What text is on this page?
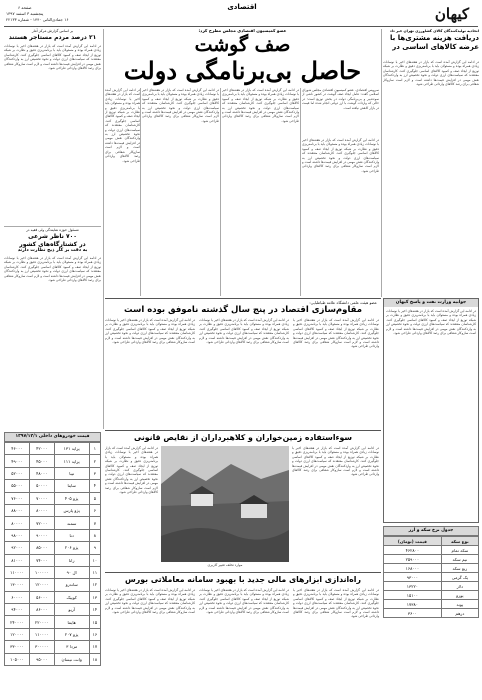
اقتصادی
صفحه ۶
پنجشنبه ۳ اسفند ۱۳۹۷
۱۶ جمادی‌الثانی ۱۴۴۰ - شماره ۲۲۱۳۳	کیهان
اتحادیه تولیدکنندگان کالای کشاورزی تهران خبر داد
دریافت هزینه مشتری‌ها با
عرضه کالاهای اساسی در
در ادامه این گزارش آمده است که بازار در هفته‌های اخیر با نوسانات زیادی همراه بوده و مسئولان باید با برنامه‌ریزی دقیق و نظارت بر شبکه توزیع از ایجاد صف و کمبود کالاهای اساسی جلوگیری کنند. کارشناسان معتقدند که سیاست‌های ارزی دولت و نحوه تخصیص ارز به واردکنندگان نقش مهمی در افزایش قیمت‌ها داشته است و لازم است سازوکار شفافی برای رصد کالاهای وارداتی طراحی شود.
عضو کمیسیون اقتصادی مجلس مطرح کرد:
صف گوشت
حاصل بی‌برنامگی دولت
سرویس اقتصادی- عضو کمیسیون اقتصادی مجلس شورای اسلامی گفت: عامل ایجاد صف گوشت در کشور ناشی از سوءتدبیر و بی‌برنامگی دولت در بخش توزیع است؛ در حالی که واردات گوشت با ارز دولتی انجام شده اما قیمت در بازار کاهش نیافته است.
در ادامه این گزارش آمده است که بازار در هفته‌های اخیر با نوسانات زیادی همراه بوده و مسئولان باید با برنامه‌ریزی دقیق و نظارت بر شبکه توزیع از ایجاد صف و کمبود کالاهای اساسی جلوگیری کنند. کارشناسان معتقدند که سیاست‌های ارزی دولت و نحوه تخصیص ارز به واردکنندگان نقش مهمی در افزایش قیمت‌ها داشته است و لازم است سازوکار شفافی برای رصد کالاهای وارداتی طراحی شود.
در ادامه این گزارش آمده است که بازار در هفته‌های اخیر با نوسانات زیادی همراه بوده و مسئولان باید با برنامه‌ریزی دقیق و نظارت بر شبکه توزیع از ایجاد صف و کمبود کالاهای اساسی جلوگیری کنند. کارشناسان معتقدند که سیاست‌های ارزی دولت و نحوه تخصیص ارز به واردکنندگان نقش مهمی در افزایش قیمت‌ها داشته است و لازم است سازوکار شفافی برای رصد کالاهای وارداتی طراحی شود.
در ادامه این گزارش آمده است که بازار در هفته‌های اخیر با نوسانات زیادی همراه بوده و مسئولان باید با برنامه‌ریزی دقیق و نظارت بر شبکه توزیع از ایجاد صف و کمبود کالاهای اساسی جلوگیری کنند. کارشناسان معتقدند که سیاست‌های ارزی دولت و نحوه تخصیص ارز به واردکنندگان نقش مهمی در افزایش قیمت‌ها داشته است و لازم است سازوکار شفافی برای رصد کالاهای وارداتی طراحی شود.
در ادامه این گزارش آمده است که بازار در هفته‌های اخیر با نوسانات زیادی همراه بوده و مسئولان باید با برنامه‌ریزی دقیق و نظارت بر شبکه توزیع از ایجاد صف و کمبود کالاهای اساسی جلوگیری کنند. کارشناسان معتقدند که سیاست‌های ارزی دولت و نحوه تخصیص ارز به واردکنندگان نقش مهمی در افزایش قیمت‌ها داشته است و لازم است سازوکار شفافی برای رصد کالاهای وارداتی طراحی شود.
بر اساس گزارش مرکز آمار
۲۱ درصد مردم مستاجر هستند
در ادامه این گزارش آمده است که بازار در هفته‌های اخیر با نوسانات زیادی همراه بوده و مسئولان باید با برنامه‌ریزی دقیق و نظارت بر شبکه توزیع از ایجاد صف و کمبود کالاهای اساسی جلوگیری کنند. کارشناسان معتقدند که سیاست‌های ارزی دولت و نحوه تخصیص ارز به واردکنندگان نقش مهمی در افزایش قیمت‌ها داشته است و لازم است سازوکار شفافی برای رصد کالاهای وارداتی طراحی شود.
مسئول حوزه نمایندگی ولی فقیه در
۷۰۰ ناظر شرعی
در کشتارگاه‌های کشور
به دقت بر کار ذبح نظارت دارند
در ادامه این گزارش آمده است که بازار در هفته‌های اخیر با نوسانات زیادی همراه بوده و مسئولان باید با برنامه‌ریزی دقیق و نظارت بر شبکه توزیع از ایجاد صف و کمبود کالاهای اساسی جلوگیری کنند. کارشناسان معتقدند که سیاست‌های ارزی دولت و نحوه تخصیص ارز به واردکنندگان نقش مهمی در افزایش قیمت‌ها داشته است و لازم است سازوکار شفافی برای رصد کالاهای وارداتی طراحی شود.
عضو هیئت علمی دانشگاه علامه طباطبایی:
مقاوم‌سازی اقتصاد در پنج سال گذشته ناموفق بوده است
در ادامه این گزارش آمده است که بازار در هفته‌های اخیر با نوسانات زیادی همراه بوده و مسئولان باید با برنامه‌ریزی دقیق و نظارت بر شبکه توزیع از ایجاد صف و کمبود کالاهای اساسی جلوگیری کنند. کارشناسان معتقدند که سیاست‌های ارزی دولت و نحوه تخصیص ارز به واردکنندگان نقش مهمی در افزایش قیمت‌ها داشته است و لازم است سازوکار شفافی برای رصد کالاهای وارداتی طراحی شود.
در ادامه این گزارش آمده است که بازار در هفته‌های اخیر با نوسانات زیادی همراه بوده و مسئولان باید با برنامه‌ریزی دقیق و نظارت بر شبکه توزیع از ایجاد صف و کمبود کالاهای اساسی جلوگیری کنند. کارشناسان معتقدند که سیاست‌های ارزی دولت و نحوه تخصیص ارز به واردکنندگان نقش مهمی در افزایش قیمت‌ها داشته است و لازم است سازوکار شفافی برای رصد کالاهای وارداتی طراحی شود.
در ادامه این گزارش آمده است که بازار در هفته‌های اخیر با نوسانات زیادی همراه بوده و مسئولان باید با برنامه‌ریزی دقیق و نظارت بر شبکه توزیع از ایجاد صف و کمبود کالاهای اساسی جلوگیری کنند. کارشناسان معتقدند که سیاست‌های ارزی دولت و نحوه تخصیص ارز به واردکنندگان نقش مهمی در افزایش قیمت‌ها داشته است و لازم است سازوکار شفافی برای رصد کالاهای وارداتی طراحی شود.
جوابیه وزارت نفت و پاسخ کیهان
در ادامه این گزارش آمده است که بازار در هفته‌های اخیر با نوسانات زیادی همراه بوده و مسئولان باید با برنامه‌ریزی دقیق و نظارت بر شبکه توزیع از ایجاد صف و کمبود کالاهای اساسی جلوگیری کنند. کارشناسان معتقدند که سیاست‌های ارزی دولت و نحوه تخصیص ارز به واردکنندگان نقش مهمی در افزایش قیمت‌ها داشته است و لازم است سازوکار شفافی برای رصد کالاهای وارداتی طراحی شود.
جدول نرخ سکه و ارز
نوع سکه	قیمت (تومان)
سکه تمام	۴۶۲۸۰۰
نیم سکه	۲۵۹۰۰۰
ربع سکه	۱۶۸۰۰۰
یک گرمی	۹۳۰۰۰
دلار	۱۳۲۲۰
یورو	۱۵۱۰۰
پوند	۱۷۳۸۰
درهم	۳۶۰۰
سوءاستفاده زمین‌خواران و کلاهبرداران از نقایص قانونی
موارد تخلف تغییر کاربری
در ادامه این گزارش آمده است که بازار در هفته‌های اخیر با نوسانات زیادی همراه بوده و مسئولان باید با برنامه‌ریزی دقیق و نظارت بر شبکه توزیع از ایجاد صف و کمبود کالاهای اساسی جلوگیری کنند. کارشناسان معتقدند که سیاست‌های ارزی دولت و نحوه تخصیص ارز به واردکنندگان نقش مهمی در افزایش قیمت‌ها داشته است و لازم است سازوکار شفافی برای رصد کالاهای وارداتی طراحی شود.
در ادامه این گزارش آمده است که بازار در هفته‌های اخیر با نوسانات زیادی همراه بوده و مسئولان باید با برنامه‌ریزی دقیق و نظارت بر شبکه توزیع از ایجاد صف و کمبود کالاهای اساسی جلوگیری کنند. کارشناسان معتقدند که سیاست‌های ارزی دولت و نحوه تخصیص ارز به واردکنندگان نقش مهمی در افزایش قیمت‌ها داشته است و لازم است سازوکار شفافی برای رصد کالاهای وارداتی طراحی شود.
قیمت خودروهای داخلی ۱۳۹۷/۱۲/۱
۱	پراید ۱۳۱	۴۲۰۰۰	۴۶۰۰۰
۲	پراید ۱۱۱	۴۵۰۰۰	۴۹۰۰۰
۳	تیبا	۴۸۰۰۰	۵۲۰۰۰
۴	ساینا	۵۰۰۰۰	۵۵۰۰۰
۵	پژو ۴۰۵	۷۰۰۰۰	۷۶۰۰۰
۶	پژو پارس	۸۰۰۰۰	۸۸۰۰۰
۷	سمند	۷۲۰۰۰	۸۰۰۰۰
۸	دنا	۹۰۰۰۰	۹۸۰۰۰
۹	پژو ۲۰۶	۸۵۰۰۰	۹۲۰۰۰
۱۰	رانا	۷۴۰۰۰	۸۱۰۰۰
۱۱	ال ۹۰	۱۰۰۰۰۰	۱۱۰۰۰۰
۱۲	ساندرو	۱۲۰۰۰۰	۱۳۰۰۰۰
۱۳	کوییک	۵۶۰۰۰	۶۰۰۰۰
۱۴	آریو	۸۶۰۰۰	۹۴۰۰۰
۱۵	هایما	۲۲۰۰۰۰	۲۴۰۰۰۰
۱۶	پژو ۲۰۷	۱۱۰۰۰۰	۱۲۰۰۰۰
۱۷	مزدا ۳	۳۰۰۰۰۰	۳۳۰۰۰۰
۱۸	وانت نیسان	۹۵۰۰۰	۱۰۵۰۰۰
راه‌اندازی ابزارهای مالی جدید با بهبود سامانه معاملاتی بورس
در ادامه این گزارش آمده است که بازار در هفته‌های اخیر با نوسانات زیادی همراه بوده و مسئولان باید با برنامه‌ریزی دقیق و نظارت بر شبکه توزیع از ایجاد صف و کمبود کالاهای اساسی جلوگیری کنند. کارشناسان معتقدند که سیاست‌های ارزی دولت و نحوه تخصیص ارز به واردکنندگان نقش مهمی در افزایش قیمت‌ها داشته است و لازم است سازوکار شفافی برای رصد کالاهای وارداتی طراحی شود.
در ادامه این گزارش آمده است که بازار در هفته‌های اخیر با نوسانات زیادی همراه بوده و مسئولان باید با برنامه‌ریزی دقیق و نظارت بر شبکه توزیع از ایجاد صف و کمبود کالاهای اساسی جلوگیری کنند. کارشناسان معتقدند که سیاست‌های ارزی دولت و نحوه تخصیص ارز به واردکنندگان نقش مهمی در افزایش قیمت‌ها داشته است و لازم است سازوکار شفافی برای رصد کالاهای وارداتی طراحی شود.
در ادامه این گزارش آمده است که بازار در هفته‌های اخیر با نوسانات زیادی همراه بوده و مسئولان باید با برنامه‌ریزی دقیق و نظارت بر شبکه توزیع از ایجاد صف و کمبود کالاهای اساسی جلوگیری کنند. کارشناسان معتقدند که سیاست‌های ارزی دولت و نحوه تخصیص ارز به واردکنندگان نقش مهمی در افزایش قیمت‌ها داشته است و لازم است سازوکار شفافی برای رصد کالاهای وارداتی طراحی شود.
